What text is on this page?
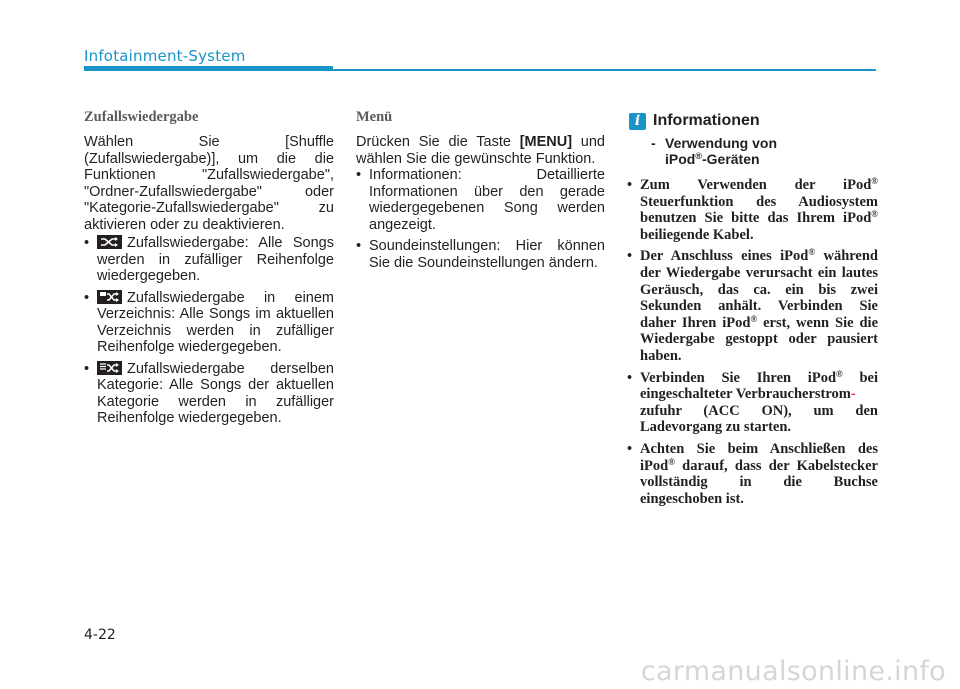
Infotainment-System
Zufallswiedergabe

Wählen Sie [Shuffle (Zufallswiedergabe)], um die die Funktionen "Zufallswiedergabe", "Ordner-Zufallswiedergabe" oder "Kategorie-Zufallswiedergabe" zu aktivieren oder zu deaktivieren.

•	Zufallswiedergabe: Alle Songs werden in zufälliger Reihenfolge wiedergegeben.
•	Zufallswiedergabe in einem Verzeichnis: Alle Songs im aktuellen Verzeichnis werden in zufälliger Reihenfolge wiedergegeben.
•	Zufallswiedergabe derselben Kategorie: Alle Songs der aktuellen Kategorie werden in zufälliger Reihenfolge wiedergegeben.
Menü

Drücken Sie die Taste [MENU] und wählen Sie die gewünschte Funktion.

• Informationen: Detaillierte Informationen über den gerade wiedergegebenen Song werden angezeigt.
• Soundeinstellungen: Hier können Sie die Soundeinstellungen ändern.
i Informationen
- Verwendung von
iPod®-Geräten
• Zum Verwenden der iPod® Steuerfunktion des Audiosystem benutzen Sie bitte das Ihrem iPod® beiliegende Kabel.
• Der Anschluss eines iPod® während der Wiedergabe verursacht ein lautes Geräusch, das ca. ein bis zwei Sekunden anhält. Verbinden Sie daher Ihren iPod® erst, wenn Sie die Wiedergabe gestoppt oder pausiert haben.
• Verbinden Sie Ihren iPod® bei eingeschalteter Verbraucherstrom-
zufuhr (ACC ON), um den Ladevorgang zu starten.
• Achten Sie beim Anschließen des iPod® darauf, dass der Kabelstecker vollständig in die Buchse eingeschoben ist.
4-22
carmanualsonline.info
